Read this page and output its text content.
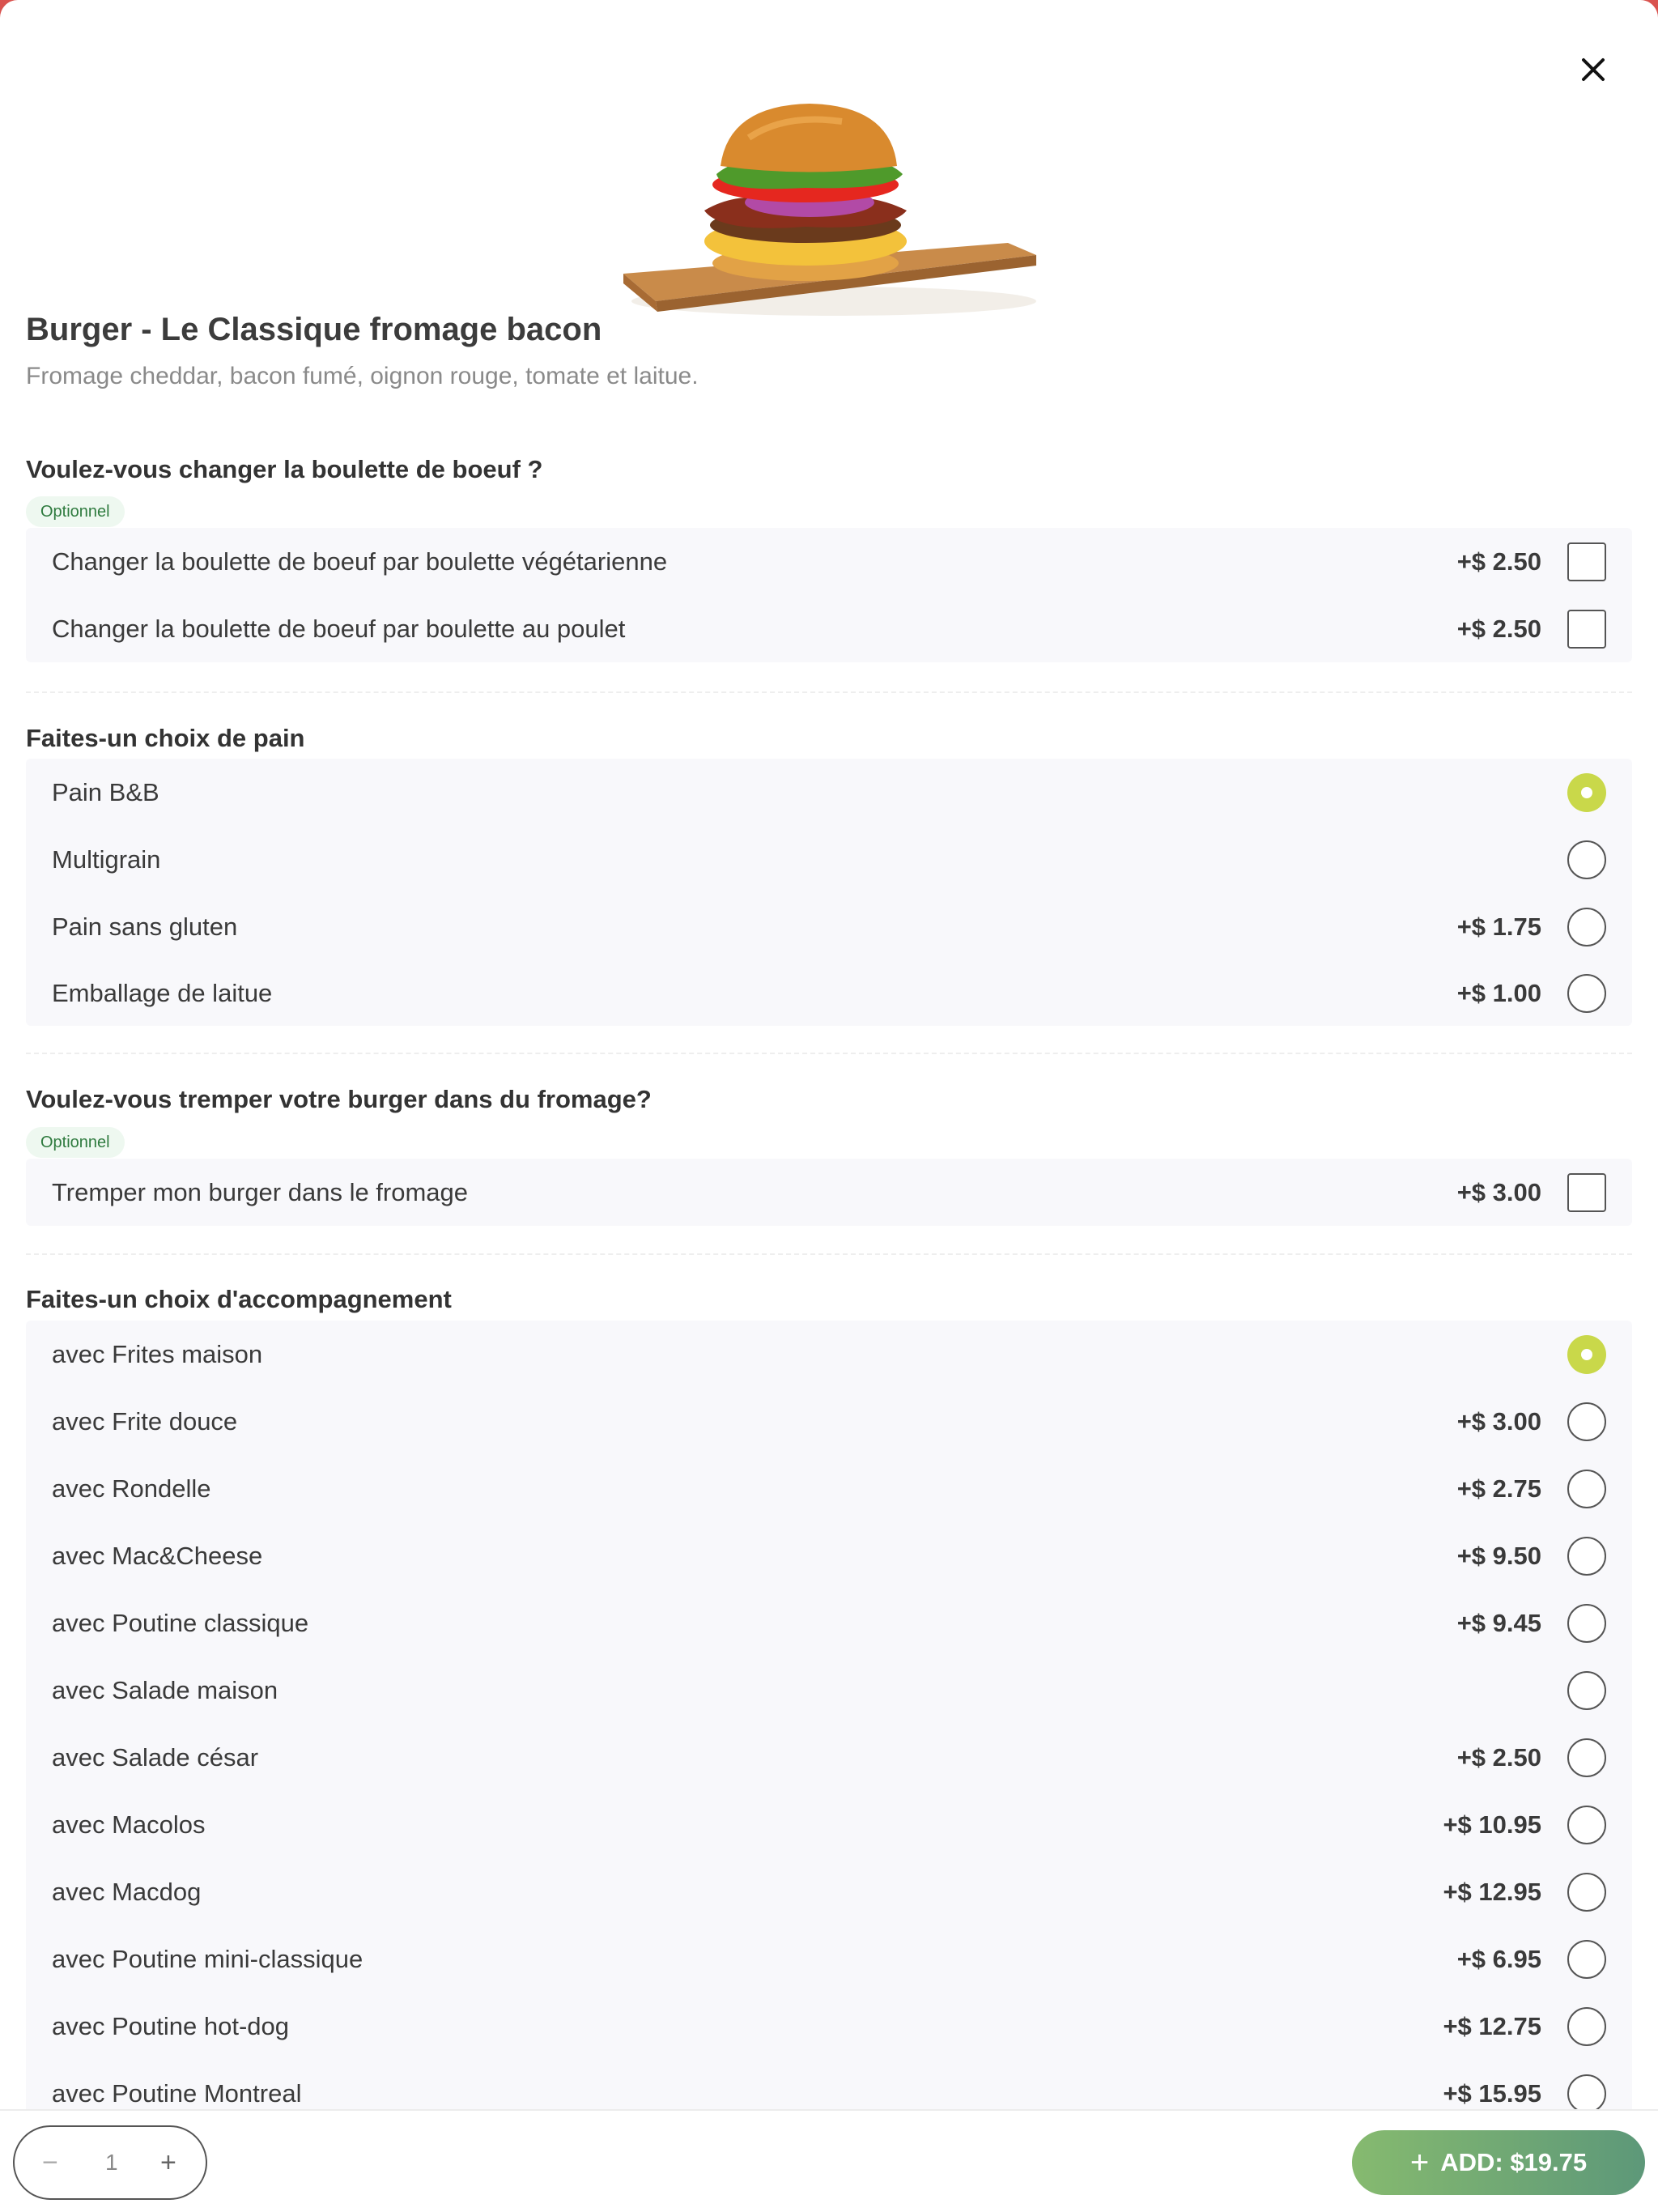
Burger - Le Classique fromage bacon
Fromage cheddar, bacon fumé, oignon rouge, tomate et laitue.
Voulez-vous changer la boulette de boeuf ?
Optionnel
Changer la boulette de boeuf par boulette végétarienne	+$ 2.50
Changer la boulette de boeuf par boulette au poulet	+$ 2.50
Faites-un choix de pain
Pain B&B
Multigrain
Pain sans gluten	+$ 1.75
Emballage de laitue	+$ 1.00
Voulez-vous tremper votre burger dans du fromage?
Optionnel
Tremper mon burger dans le fromage	+$ 3.00
Faites-un choix d'accompagnement
avec Frites maison
avec Frite douce	+$ 3.00
avec Rondelle	+$ 2.75
avec Mac&Cheese	+$ 9.50
avec Poutine classique	+$ 9.45
avec Salade maison
avec Salade césar	+$ 2.50
avec Macolos	+$ 10.95
avec Macdog	+$ 12.95
avec Poutine mini-classique	+$ 6.95
avec Poutine hot-dog	+$ 12.75
avec Poutine Montreal	+$ 15.95
− 1 +	+ ADD: $19.75
